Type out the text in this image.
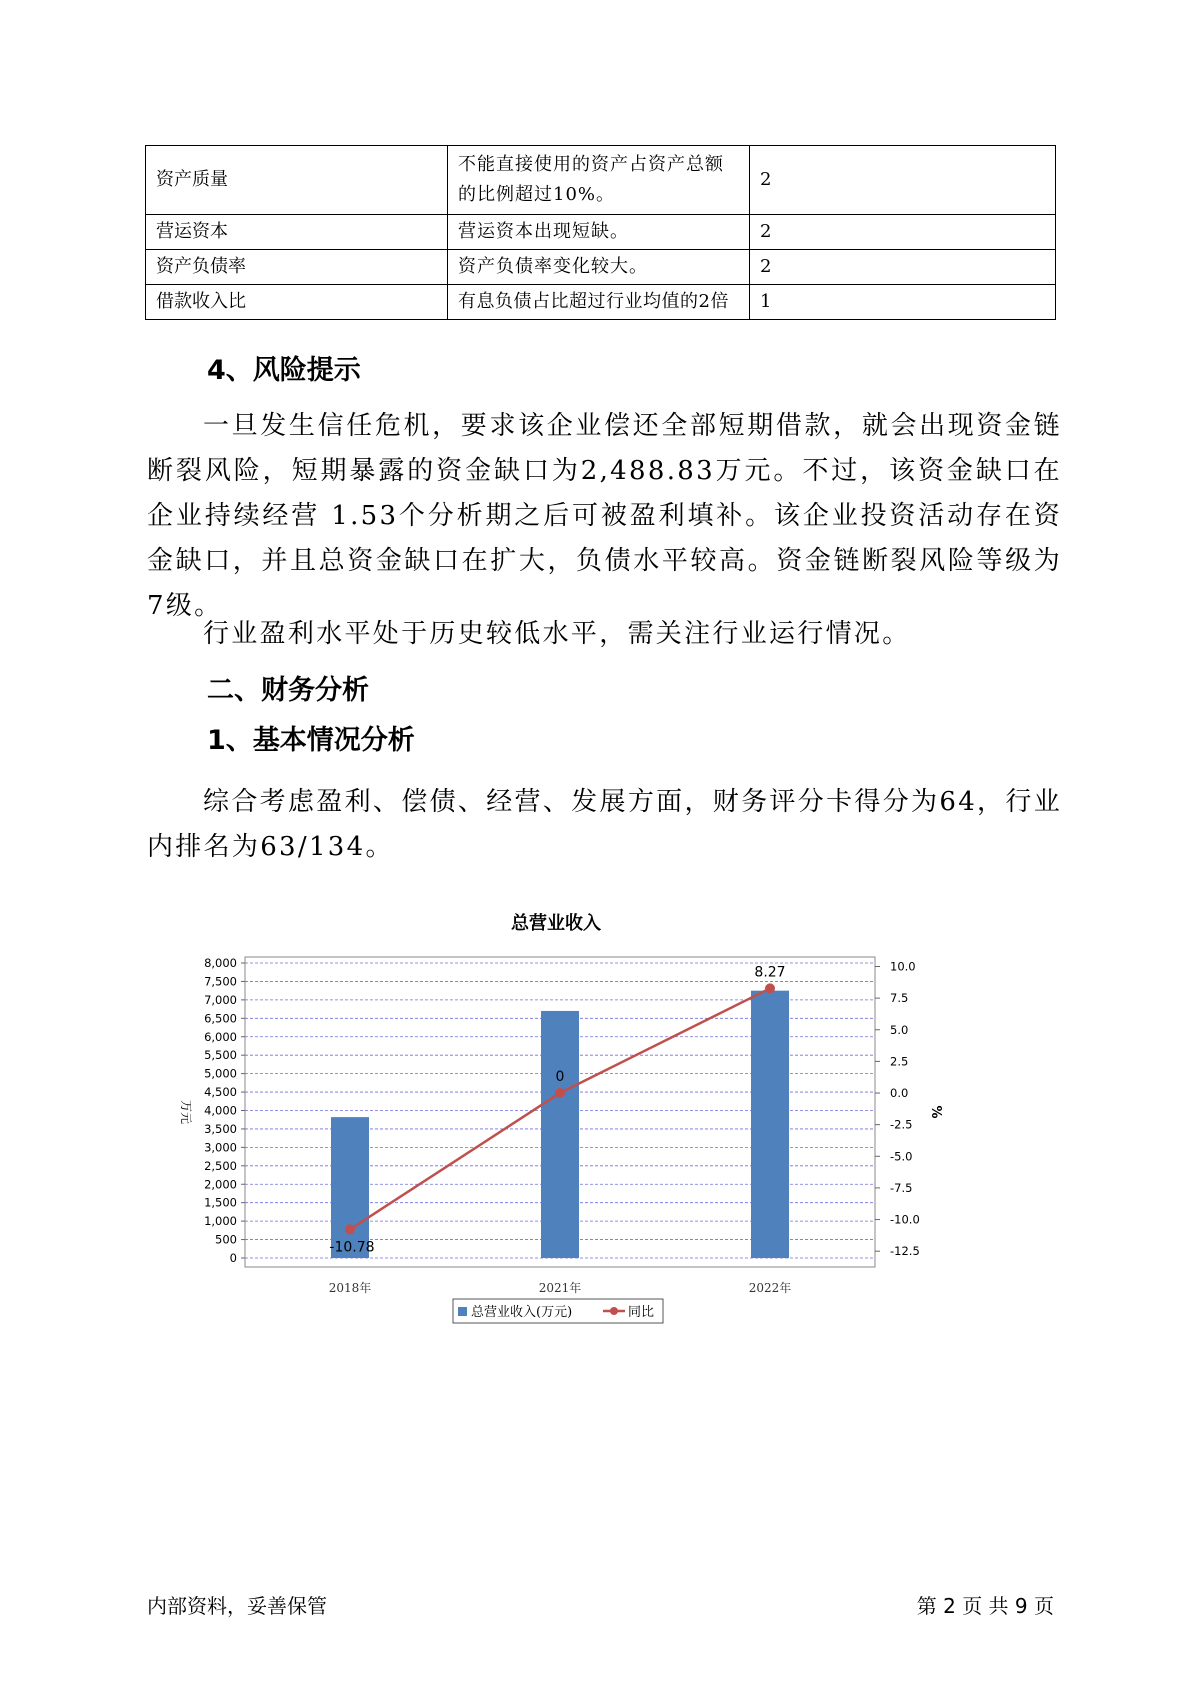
资产质量	不能直接使用的资产占资产总额的比例超过10%。	2
营运资本	营运资本出现短缺。	2
资产负债率	资产负债率变化较大。	2
借款收入比	有息负债占比超过行业均值的2倍	1
4、风险提示

一旦发生信任危机，要求该企业偿还全部短期借款，就会出现资金链断裂风险，短期暴露的资金缺口为2,488.83万元。不过，该资金缺口在企业持续经营 1.53个分析期之后可被盈利填补。该企业投资活动存在资金缺口，并且总资金缺口在扩大，负债水平较高。资金链断裂风险等级为7级。

行业盈利水平处于历史较低水平，需关注行业运行情况。

二、财务分析
1、基本情况分析

综合考虑盈利、偿债、经营、发展方面，财务评分卡得分为64，行业内排名为63/134。

总营业收入
8,000
7,500
7,000
6,500
6,000
5,500
5,000
4,500
4,000
3,500
3,000
2,500
2,000
1,500
1,000
500
0
10.0
7.5
5.0
2.5
0.0
-2.5
-5.0
-7.5
-10.0
-12.5
万元	%
2018年	2021年	2022年
-10.78
0
8.27
总营业收入(万元)	同比
内部资料，妥善保管	第 2 页 共 9 页
